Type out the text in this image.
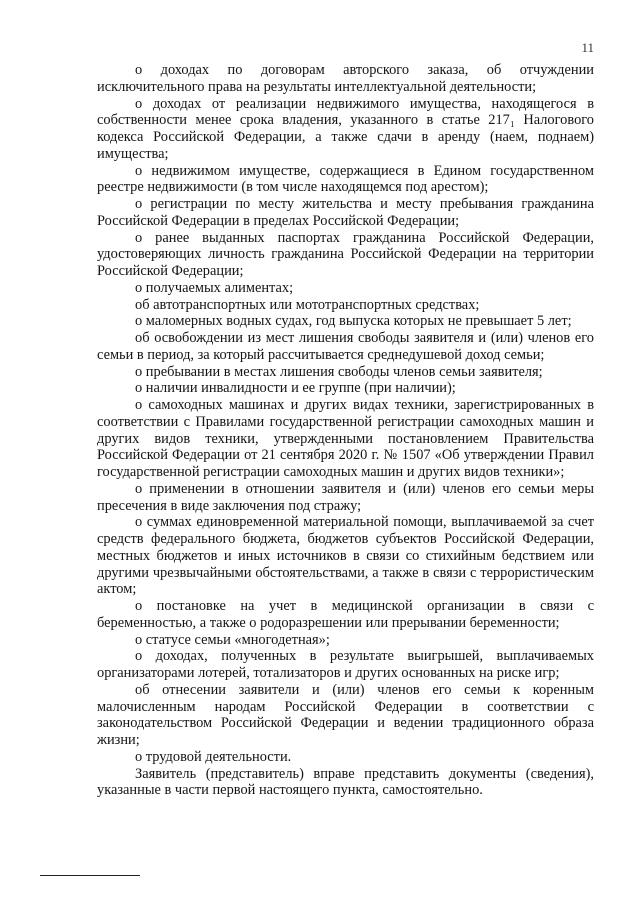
11

о доходах по договорам авторского заказа, об отчуждении исключительного права на результаты интеллектуальной деятельности;

о доходах от реализации недвижимого имущества, находящегося в собственности менее срока владения, указанного в статье 217₁ Налогового кодекса Российской Федерации, а также сдачи в аренду (наем, поднаем) имущества;

о недвижимом имуществе, содержащиеся в Едином государственном реестре недвижимости (в том числе находящемся под арестом);

о регистрации по месту жительства и месту пребывания гражданина Российской Федерации в пределах Российской Федерации;

о ранее выданных паспортах гражданина Российской Федерации, удостоверяющих личность гражданина Российской Федерации на территории Российской Федерации;

о получаемых алиментах;

об автотранспортных или мототранспортных средствах;

о маломерных водных судах, год выпуска которых не превышает 5 лет;

об освобождении из мест лишения свободы заявителя и (или) членов его семьи в период, за который рассчитывается среднедушевой доход семьи;

о пребывании в местах лишения свободы членов семьи заявителя;

о наличии инвалидности и ее группе (при наличии);

о самоходных машинах и других видах техники, зарегистрированных в соответствии с Правилами государственной регистрации самоходных машин и других видов техники, утвержденными постановлением Правительства Российской Федерации от 21 сентября 2020 г. № 1507 «Об утверждении Правил государственной регистрации самоходных машин и других видов техники»;

о применении в отношении заявителя и (или) членов его семьи меры пресечения в виде заключения под стражу;

о суммах единовременной материальной помощи, выплачиваемой за счет средств федерального бюджета, бюджетов субъектов Российской Федерации, местных бюджетов и иных источников в связи со стихийным бедствием или другими чрезвычайными обстоятельствами, а также в связи с террористическим актом;

о постановке на учет в медицинской организации в связи с беременностью, а также о родоразрешении или прерывании беременности;

о статусе семьи «многодетная»;

о доходах, полученных в результате выигрышей, выплачиваемых организаторами лотерей, тотализаторов и других основанных на риске игр;

об отнесении заявители и (или) членов его семьи к коренным малочисленным народам Российской Федерации в соответствии с законодательством Российской Федерации и ведении традиционного образа жизни;

о трудовой деятельности.

Заявитель (представитель) вправе представить документы (сведения), указанные в части первой настоящего пункта, самостоятельно.
